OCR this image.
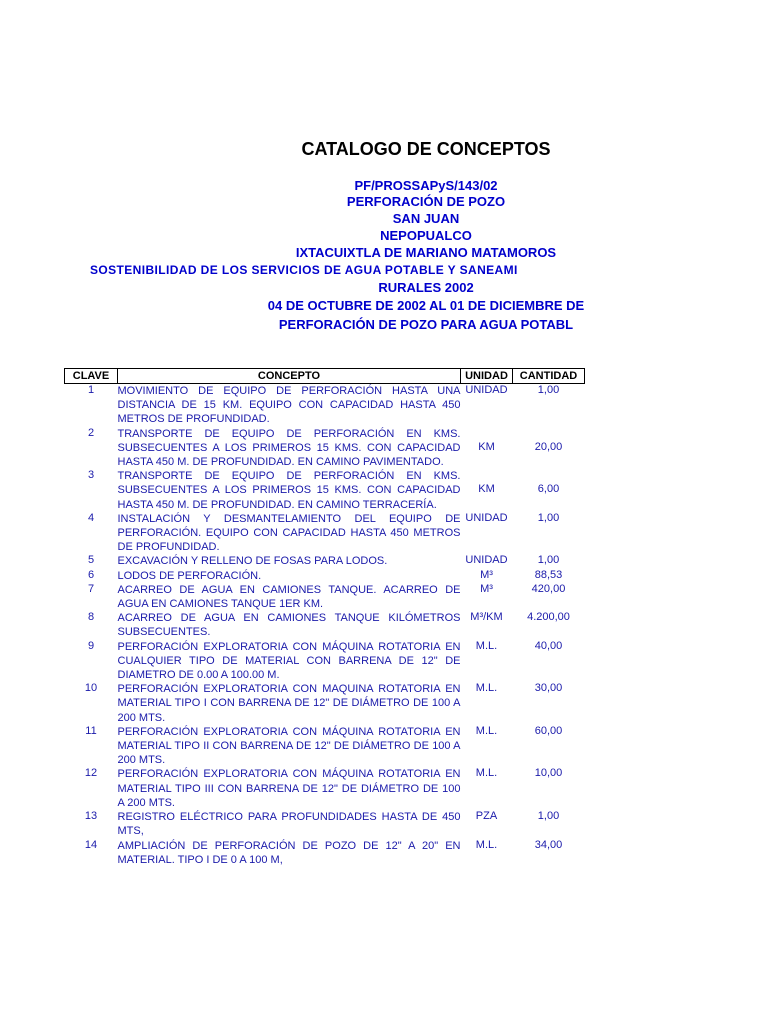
CATALOGO DE CONCEPTOS

PF/PROSSAPyS/143/02

PERFORACIÓN DE POZO

SAN JUAN

NEPOPUALCO

IXTACUIXTLA DE MARIANO MATAMOROS

SOSTENIBILIDAD DE LOS SERVICIOS DE AGUA POTABLE Y SANEAMI

RURALES 2002

04 DE OCTUBRE DE 2002 AL 01 DE DICIEMBRE DE

PERFORACIÓN DE POZO PARA AGUA POTABL

CLAVE	CONCEPTO	UNIDAD	CANTIDAD
1	MOVIMIENTO DE EQUIPO DE PERFORACIÓN HASTA UNA DISTANCIA DE 15 KM. EQUIPO CON CAPACIDAD HASTA 450 METROS DE PROFUNDIDAD.	UNIDAD	1,00
2	TRANSPORTE DE EQUIPO DE PERFORACIÓN EN KMS. SUBSECUENTES A LOS PRIMEROS 15 KMS. CON CAPACIDAD HASTA 450 M. DE PROFUNDIDAD. EN CAMINO PAVIMENTADO.	KM	20,00
3	TRANSPORTE DE EQUIPO DE PERFORACIÓN EN KMS. SUBSECUENTES A LOS PRIMEROS 15 KMS. CON CAPACIDAD HASTA 450 M. DE PROFUNDIDAD. EN CAMINO TERRACERÍA.	KM	6,00
4	INSTALACIÓN Y DESMANTELAMIENTO DEL EQUIPO DE PERFORACIÓN. EQUIPO CON CAPACIDAD HASTA 450 METROS DE PROFUNDIDAD.	UNIDAD	1,00
5	EXCAVACIÓN Y RELLENO DE FOSAS PARA LODOS.	UNIDAD	1,00
6	LODOS DE PERFORACIÓN.	M³	88,53
7	ACARREO DE AGUA EN CAMIONES TANQUE. ACARREO DE AGUA EN CAMIONES TANQUE 1ER KM.	M³	420,00
8	ACARREO DE AGUA EN CAMIONES TANQUE KILÓMETROS SUBSECUENTES.	M³/KM	4.200,00
9	PERFORACIÓN EXPLORATORIA CON MÁQUINA ROTATORIA EN CUALQUIER TIPO DE MATERIAL CON BARRENA DE 12" DE DIAMETRO DE 0.00 A 100.00 M.	M.L.	40,00
10	PERFORACIÓN EXPLORATORIA CON MAQUINA ROTATORIA EN MATERIAL TIPO I CON BARRENA DE 12" DE DIÁMETRO DE 100 A 200 MTS.	M.L.	30,00
11	PERFORACIÓN EXPLORATORIA CON MÁQUINA ROTATORIA EN MATERIAL TIPO II CON BARRENA DE 12" DE DIÁMETRO DE 100 A 200 MTS.	M.L.	60,00
12	PERFORACIÓN EXPLORATORIA CON MÁQUINA ROTATORIA EN MATERIAL TIPO III CON BARRENA DE 12" DE DIÁMETRO DE 100 A 200 MTS.	M.L.	10,00
13	REGISTRO ELÉCTRICO PARA PROFUNDIDADES HASTA DE 450 MTS,	PZA	1,00
14	AMPLIACIÓN DE PERFORACIÓN DE POZO DE 12" A 20" EN MATERIAL. TIPO I DE 0 A 100 M,	M.L.	34,00
